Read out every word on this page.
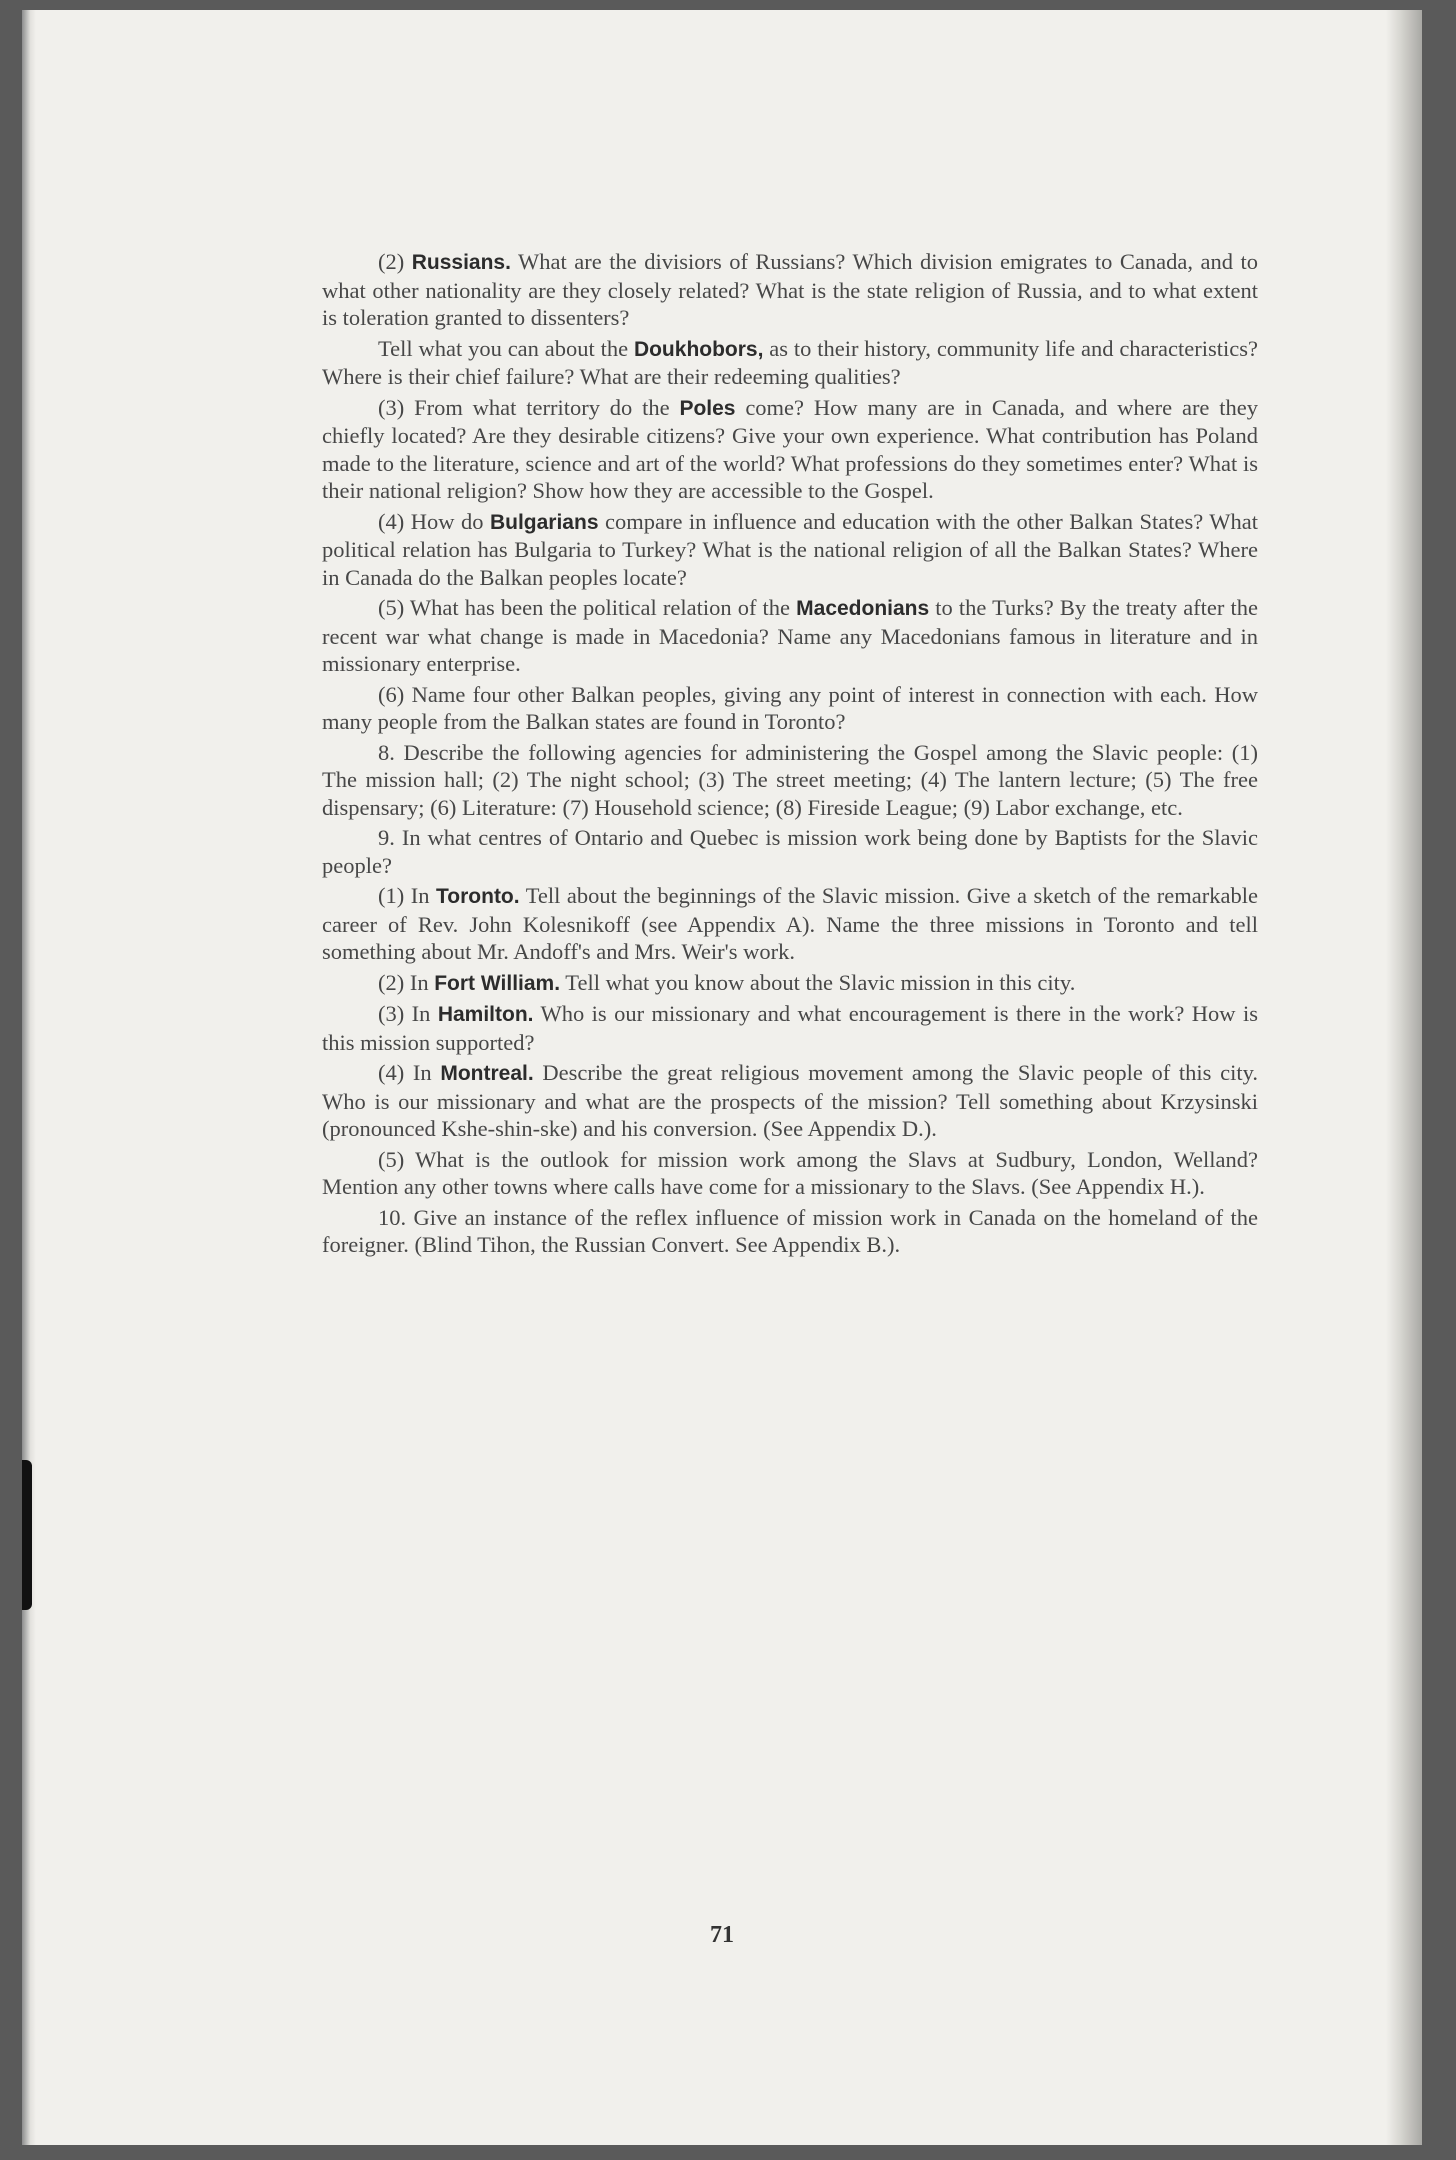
(2) Russians. What are the divisiors of Russians? Which division emigrates to Canada, and to what other nationality are they closely related? What is the state religion of Russia, and to what extent is toleration granted to dissenters?

Tell what you can about the Doukhobors, as to their history, community life and characteristics? Where is their chief failure? What are their redeeming qualities?

(3) From what territory do the Poles come? How many are in Canada, and where are they chiefly located? Are they desirable citizens? Give your own experience. What contribution has Poland made to the literature, science and art of the world? What professions do they sometimes enter? What is their national religion? Show how they are accessible to the Gospel.

(4) How do Bulgarians compare in influence and education with the other Balkan States? What political relation has Bulgaria to Turkey? What is the national religion of all the Balkan States? Where in Canada do the Balkan peoples locate?

(5) What has been the political relation of the Macedonians to the Turks? By the treaty after the recent war what change is made in Macedonia? Name any Macedonians famous in literature and in missionary enterprise.

(6) Name four other Balkan peoples, giving any point of interest in connection with each. How many people from the Balkan states are found in Toronto?

8. Describe the following agencies for administering the Gospel among the Slavic people: (1) The mission hall; (2) The night school; (3) The street meeting; (4) The lantern lecture; (5) The free dispensary; (6) Literature: (7) Household science; (8) Fireside League; (9) Labor exchange, etc.

9. In what centres of Ontario and Quebec is mission work being done by Baptists for the Slavic people?

(1) In Toronto. Tell about the beginnings of the Slavic mission. Give a sketch of the remarkable career of Rev. John Kolesnikoff (see Appendix A). Name the three missions in Toronto and tell something about Mr. Andoff's and Mrs. Weir's work.

(2) In Fort William. Tell what you know about the Slavic mission in this city.

(3) In Hamilton. Who is our missionary and what encouragement is there in the work? How is this mission supported?

(4) In Montreal. Describe the great religious movement among the Slavic people of this city. Who is our missionary and what are the prospects of the mission? Tell something about Krzysinski (pronounced Kshe-shin-ske) and his conversion. (See Appendix D.).

(5) What is the outlook for mission work among the Slavs at Sudbury, London, Welland? Mention any other towns where calls have come for a missionary to the Slavs. (See Appendix H.).

10. Give an instance of the reflex influence of mission work in Canada on the homeland of the foreigner. (Blind Tihon, the Russian Convert. See Appendix B.).

71
